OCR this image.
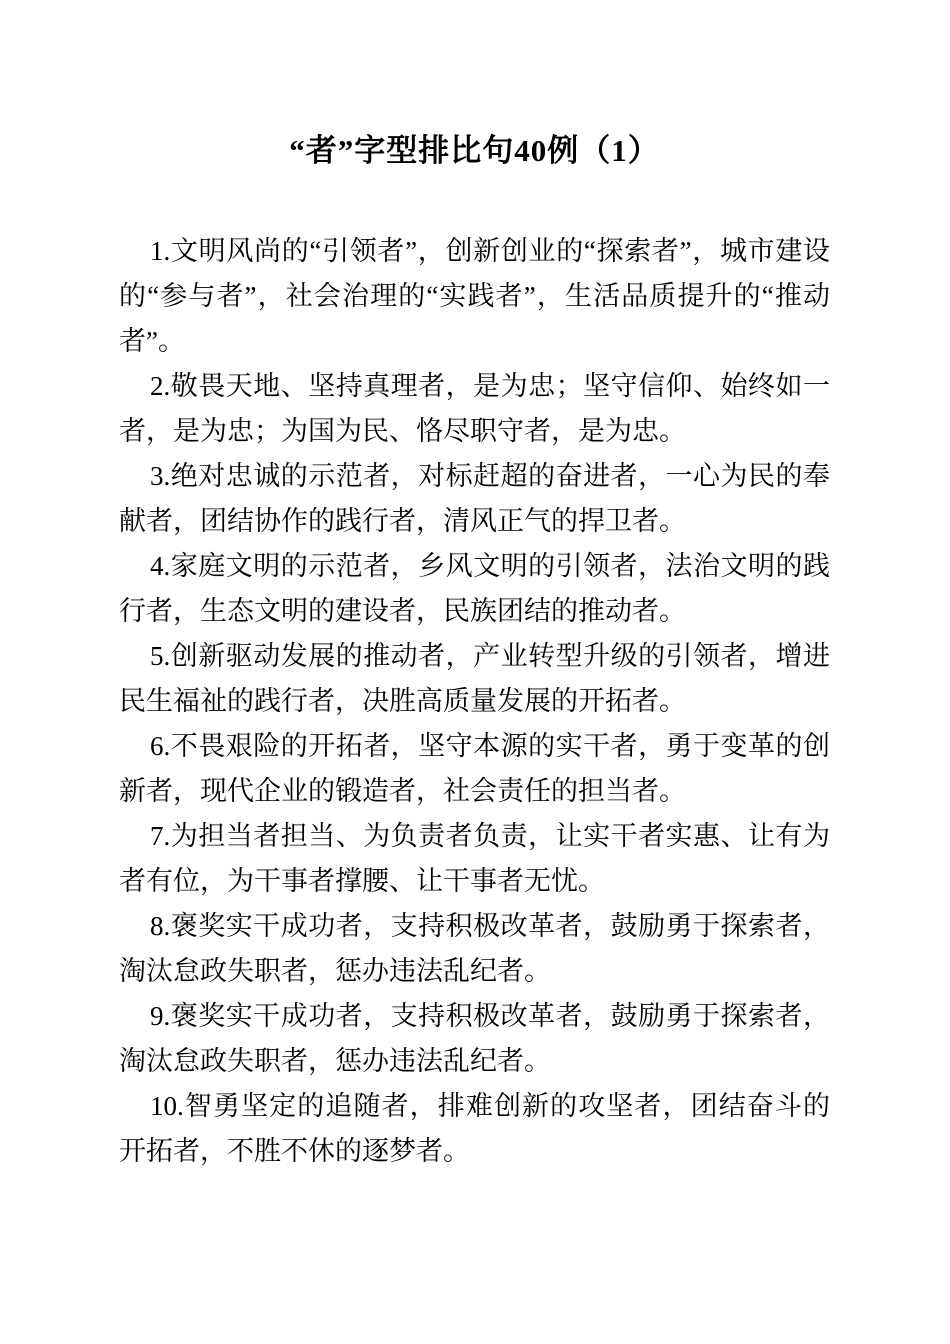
“者”字型排比句40例（1）

1.文明风尚的“引领者”，创新创业的“探索者”，城市建设的“参与者”，社会治理的“实践者”，生活品质提升的“推动者”。

2.敬畏天地、坚持真理者，是为忠；坚守信仰、始终如一者，是为忠；为国为民、恪尽职守者，是为忠。

3.绝对忠诚的示范者，对标赶超的奋进者，一心为民的奉献者，团结协作的践行者，清风正气的捍卫者。

4.家庭文明的示范者，乡风文明的引领者，法治文明的践行者，生态文明的建设者，民族团结的推动者。

5.创新驱动发展的推动者，产业转型升级的引领者，增进民生福祉的践行者，决胜高质量发展的开拓者。

6.不畏艰险的开拓者，坚守本源的实干者，勇于变革的创新者，现代企业的锻造者，社会责任的担当者。

7.为担当者担当、为负责者负责，让实干者实惠、让有为者有位，为干事者撑腰、让干事者无忧。

8.褒奖实干成功者，支持积极改革者，鼓励勇于探索者，淘汰怠政失职者，惩办违法乱纪者。

9.褒奖实干成功者，支持积极改革者，鼓励勇于探索者，淘汰怠政失职者，惩办违法乱纪者。

10.智勇坚定的追随者，排难创新的攻坚者，团结奋斗的开拓者，不胜不休的逐梦者。
